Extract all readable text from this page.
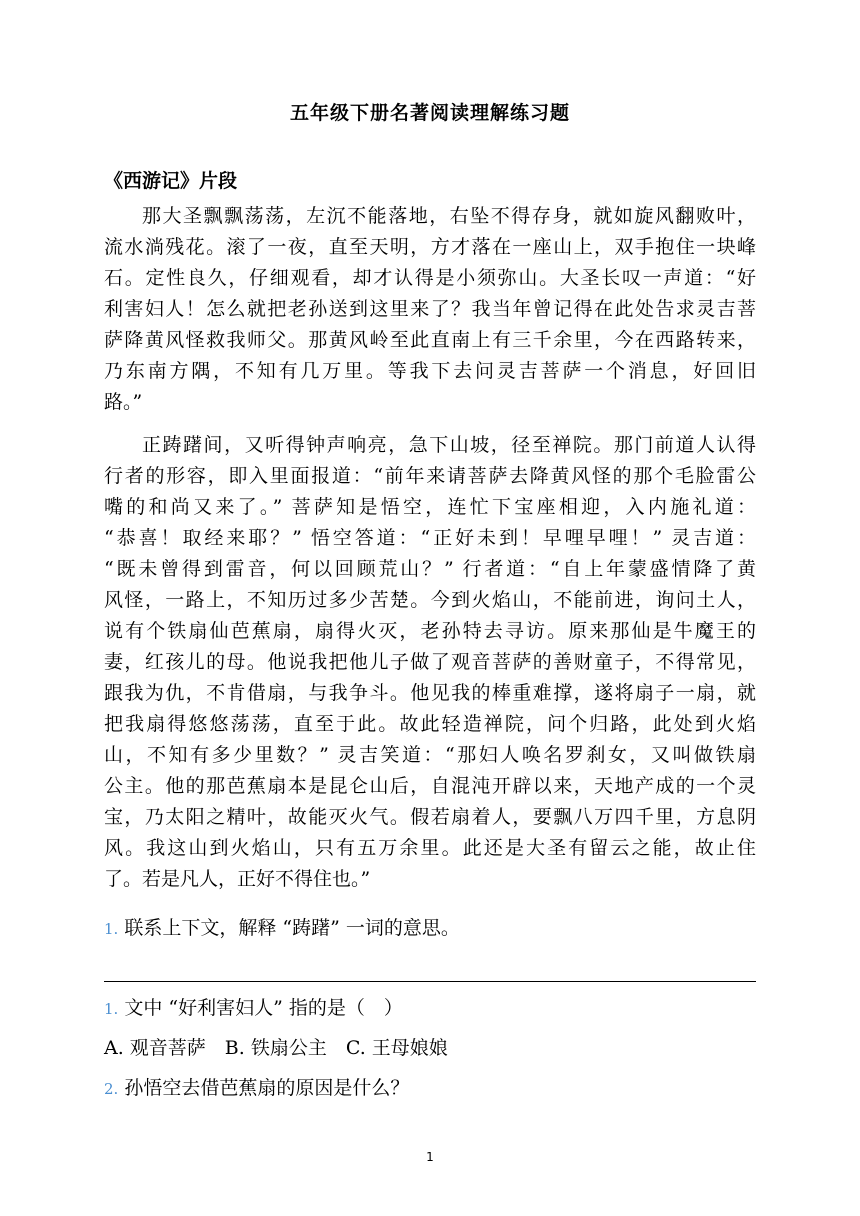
五年级下册名著阅读理解练习题
《西游记》片段
那大圣飘飘荡荡，左沉不能落地，右坠不得存身，就如旋风翻败叶，
流水淌残花。滚了一夜，直至天明，方才落在一座山上，双手抱住一块峰
石。定性良久，仔细观看，却才认得是小须弥山。大圣长叹一声道：“好
利害妇人！怎么就把老孙送到这里来了？我当年曾记得在此处告求灵吉菩
萨降黄风怪救我师父。那黄风岭至此直南上有三千余里，今在西路转来，
乃东南方隅，不知有几万里。等我下去问灵吉菩萨一个消息，好回旧
路。”
正踌躇间，又听得钟声响亮，急下山坡，径至禅院。那门前道人认得
行者的形容，即入里面报道：“前年来请菩萨去降黄风怪的那个毛脸雷公
嘴的和尚又来了。” 菩萨知是悟空，连忙下宝座相迎，入内施礼道：
“恭喜！取经来耶？” 悟空答道：“正好未到！早哩早哩！” 灵吉道：
“既未曾得到雷音，何以回顾荒山？” 行者道：“自上年蒙盛情降了黄
风怪，一路上，不知历过多少苦楚。今到火焰山，不能前进，询问土人，
说有个铁扇仙芭蕉扇，扇得火灭，老孙特去寻访。原来那仙是牛魔王的
妻，红孩儿的母。他说我把他儿子做了观音菩萨的善财童子，不得常见，
跟我为仇，不肯借扇，与我争斗。他见我的棒重难撑，遂将扇子一扇，就
把我扇得悠悠荡荡，直至于此。故此轻造禅院，问个归路，此处到火焰
山，不知有多少里数？” 灵吉笑道：“那妇人唤名罗刹女，又叫做铁扇
公主。他的那芭蕉扇本是昆仑山后，自混沌开辟以来，天地产成的一个灵
宝，乃太阳之精叶，故能灭火气。假若扇着人，要飘八万四千里，方息阴
风。我这山到火焰山，只有五万余里。此还是大圣有留云之能，故止住
了。若是凡人，正好不得住也。”
1. 联系上下文，解释 “踌躇” 一词的意思。
1. 文中 “好利害妇人” 指的是（　）
A. 观音菩萨　B. 铁扇公主　C. 王母娘娘
2. 孙悟空去借芭蕉扇的原因是什么？
1
